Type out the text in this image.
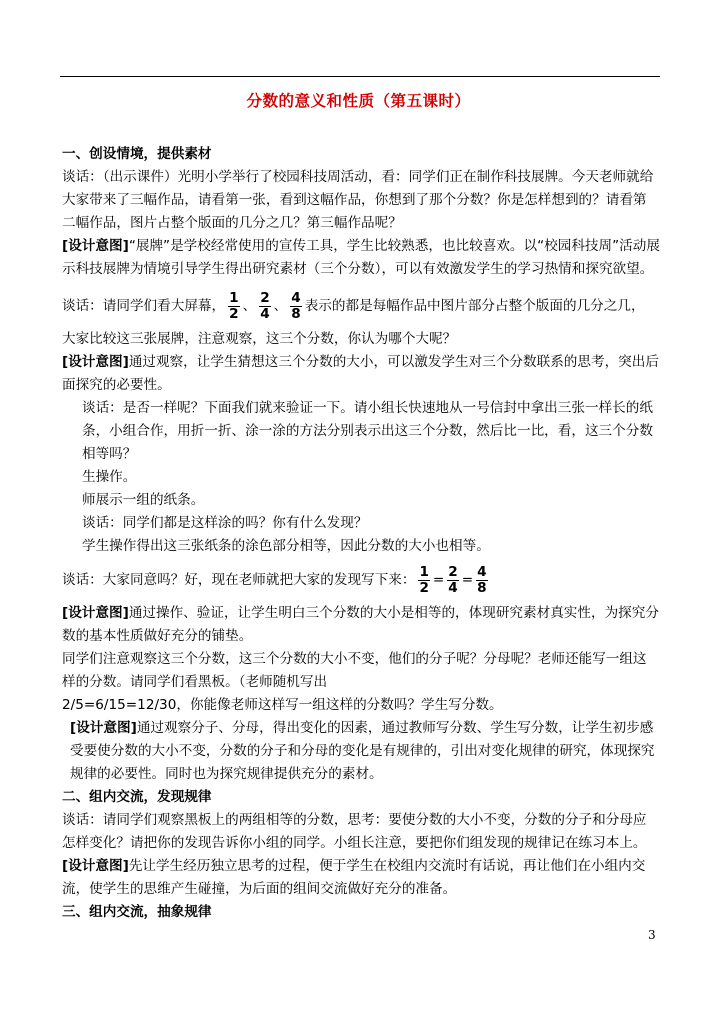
分数的意义和性质（第五课时）

一、创设情境，提供素材

谈话：（出示课件）光明小学举行了校园科技周活动，看：同学们正在制作科技展牌。今天老师就给大家带来了三幅作品，请看第一张，看到这幅作品，你想到了那个分数？你是怎样想到的？请看第二幅作品，图片占整个版面的几分之几？第三幅作品呢？

[设计意图]“展牌”是学校经常使用的宣传工具，学生比较熟悉，也比较喜欢。以“校园科技周”活动展示科技展牌为情境引导学生得出研究素材（三个分数），可以有效激发学生的学习热情和探究欲望。

谈话：请同学们看大屏幕， $\frac{1}{2}$ 、 $\frac{2}{4}$ 、 $\frac{4}{8}$ 表示的都是每幅作品中图片部分占整个版面的几分之几，

大家比较这三张展牌，注意观察，这三个分数，你认为哪个大呢？

[设计意图]通过观察，让学生猜想这三个分数的大小，可以激发学生对三个分数联系的思考，突出后面探究的必要性。

谈话：是否一样呢？下面我们就来验证一下。请小组长快速地从一号信封中拿出三张一样长的纸条，小组合作，用折一折、涂一涂的方法分别表示出这三个分数，然后比一比，看，这三个分数相等吗？

生操作。

师展示一组的纸条。

谈话：同学们都是这样涂的吗？你有什么发现？

学生操作得出这三张纸条的涂色部分相等，因此分数的大小也相等。

谈话：大家同意吗？好，现在老师就把大家的发现写下来： $\frac{1}{2} = \frac{2}{4} = \frac{4}{8}$

[设计意图]通过操作、验证，让学生明白三个分数的大小是相等的，体现研究素材真实性，为探究分数的基本性质做好充分的铺垫。

同学们注意观察这三个分数，这三个分数的大小不变，他们的分子呢？分母呢？老师还能写一组这样的分数。请同学们看黑板。（老师随机写出

2/5=6/15=12/30，你能像老师这样写一组这样的分数吗？学生写分数。

[设计意图]通过观察分子、分母，得出变化的因素，通过教师写分数、学生写分数，让学生初步感受要使分数的大小不变，分数的分子和分母的变化是有规律的，引出对变化规律的研究，体现探究规律的必要性。同时也为探究规律提供充分的素材。

二、组内交流，发现规律

谈话：请同学们观察黑板上的两组相等的分数，思考：要使分数的大小不变，分数的分子和分母应怎样变化？请把你的发现告诉你小组的同学。小组长注意，要把你们组发现的规律记在练习本上。

[设计意图]先让学生经历独立思考的过程，便于学生在校组内交流时有话说，再让他们在小组内交流，使学生的思维产生碰撞，为后面的组间交流做好充分的准备。

三、组内交流，抽象规律

3
